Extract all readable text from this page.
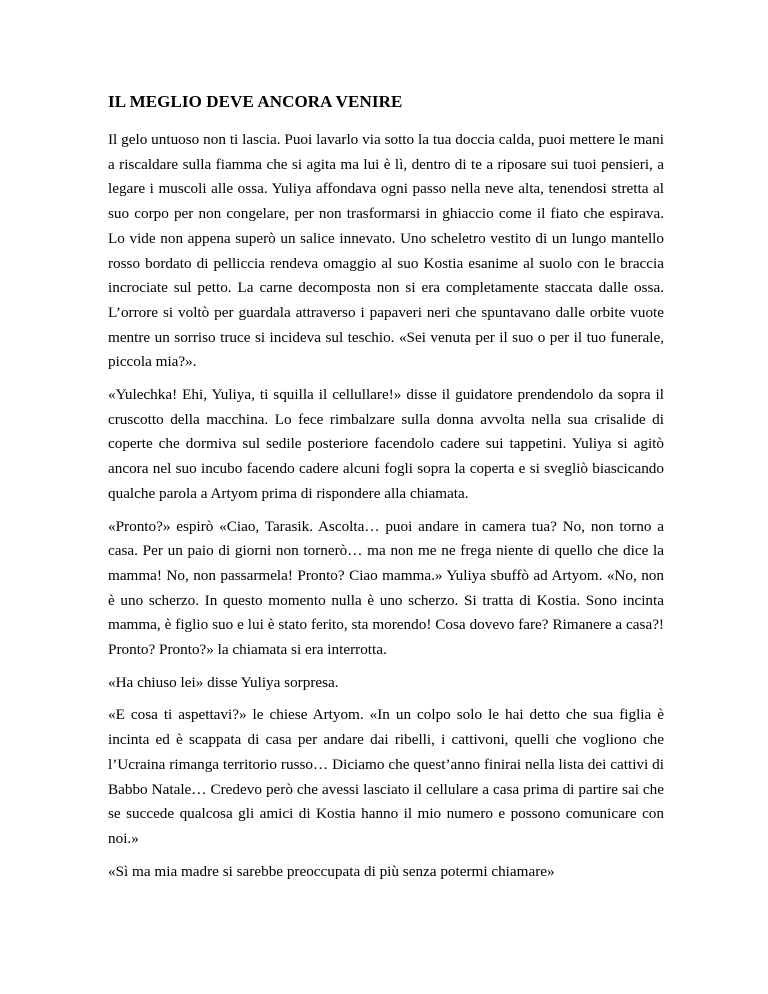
IL MEGLIO DEVE ANCORA VENIRE

Il gelo untuoso non ti lascia. Puoi lavarlo via sotto la tua doccia calda, puoi mettere le mani a riscaldare sulla fiamma che si agita ma lui è lì, dentro di te a riposare sui tuoi pensieri, a legare i muscoli alle ossa. Yuliya affondava ogni passo nella neve alta, tenendosi stretta al suo corpo per non congelare, per non trasformarsi in ghiaccio come il fiato che espirava. Lo vide non appena superò un salice innevato. Uno scheletro vestito di un lungo mantello rosso bordato di pelliccia rendeva omaggio al suo Kostia esanime al suolo con le braccia incrociate sul petto. La carne decomposta non si era completamente staccata dalle ossa. L’orrore si voltò per guardala attraverso i papaveri neri che spuntavano dalle orbite vuote mentre un sorriso truce si incideva sul teschio. «Sei venuta per il suo o per il tuo funerale, piccola mia?».

«Yulechka! Ehi, Yuliya, ti squilla il cellullare!» disse il guidatore prendendolo da sopra il cruscotto della macchina. Lo fece rimbalzare sulla donna avvolta nella sua crisalide di coperte che dormiva sul sedile posteriore facendolo cadere sui tappetini. Yuliya si agitò ancora nel suo incubo facendo cadere alcuni fogli sopra la coperta e si svegliò biascicando qualche parola a Artyom prima di rispondere alla chiamata.

«Pronto?» espirò «Ciao, Tarasik. Ascolta… puoi andare in camera tua? No, non torno a casa. Per un paio di giorni non tornerò… ma non me ne frega niente di quello che dice la mamma! No, non passarmela! Pronto? Ciao mamma.» Yuliya sbuffò ad Artyom. «No, non è uno scherzo. In questo momento nulla è uno scherzo. Si tratta di Kostia. Sono incinta mamma, è figlio suo e lui è stato ferito, sta morendo! Cosa dovevo fare? Rimanere a casa?! Pronto? Pronto?» la chiamata si era interrotta.

«Ha chiuso lei» disse Yuliya sorpresa.

«E cosa ti aspettavi?» le chiese Artyom. «In un colpo solo le hai detto che sua figlia è incinta ed è scappata di casa per andare dai ribelli, i cattivoni, quelli che vogliono che l’Ucraina rimanga territorio russo… Diciamo che quest’anno finirai nella lista dei cattivi di Babbo Natale… Credevo però che avessi lasciato il cellulare a casa prima di partire sai che se succede qualcosa gli amici di Kostia hanno il mio numero e possono comunicare con noi.»

«Sì ma mia madre si sarebbe preoccupata di più senza potermi chiamare»
